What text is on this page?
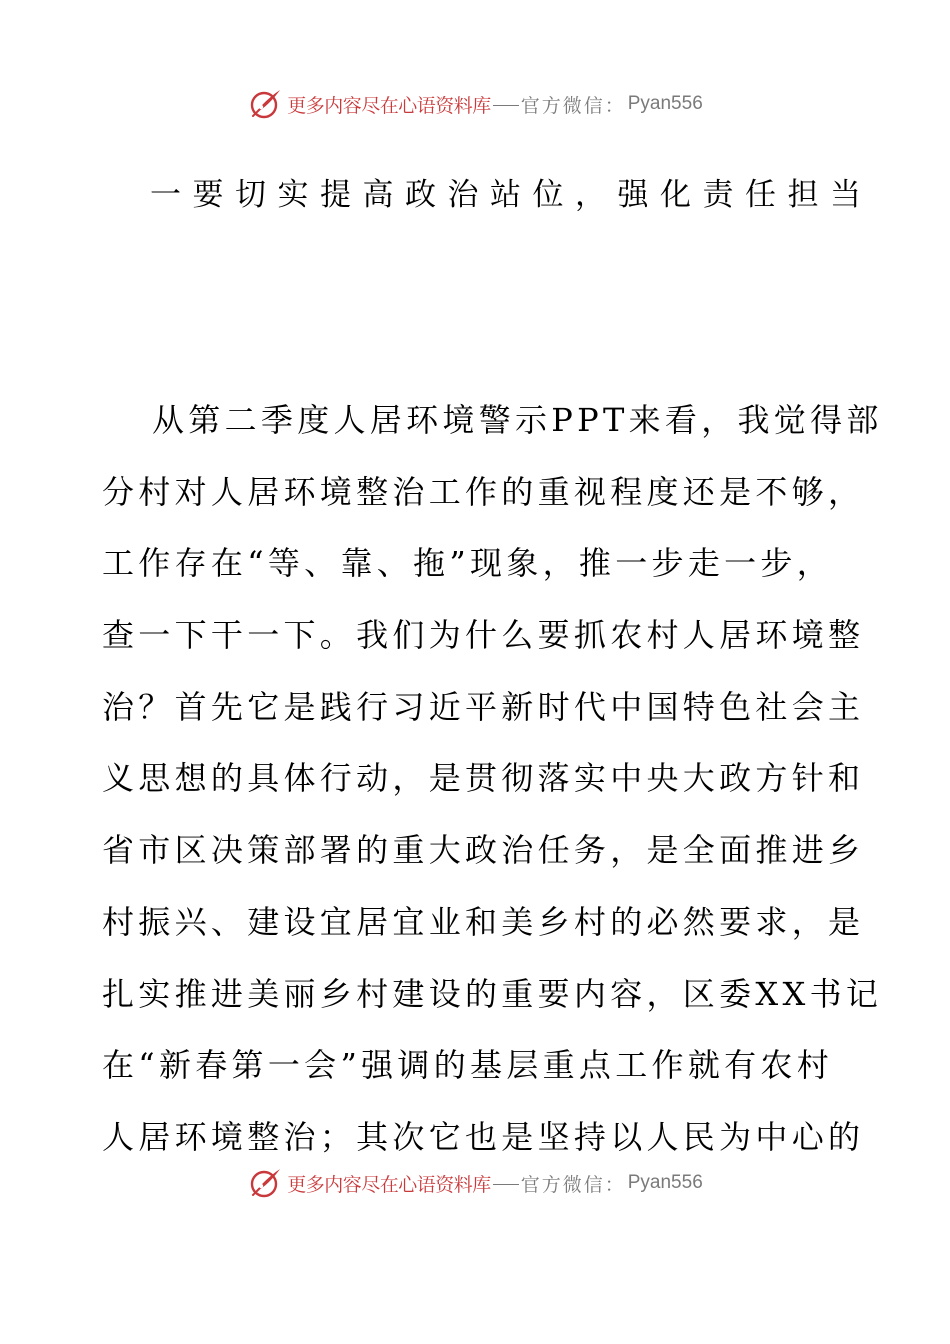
更多内容尽在心语资料库 官方微信： Pyan556
一要切实提高政治站位，强化责任担当
从第二季度人居环境警示PPT来看，我觉得部
分村对人居环境整治工作的重视程度还是不够，
工作存在“等、靠、拖”现象，推一步走一步，
查一下干一下。我们为什么要抓农村人居环境整
治？首先它是践行习近平新时代中国特色社会主
义思想的具体行动，是贯彻落实中央大政方针和
省市区决策部署的重大政治任务，是全面推进乡
村振兴、建设宜居宜业和美乡村的必然要求，是
扎实推进美丽乡村建设的重要内容，区委XX书记
在“新春第一会”强调的基层重点工作就有农村
人居环境整治；其次它也是坚持以人民为中心的
更多内容尽在心语资料库 官方微信： Pyan556
